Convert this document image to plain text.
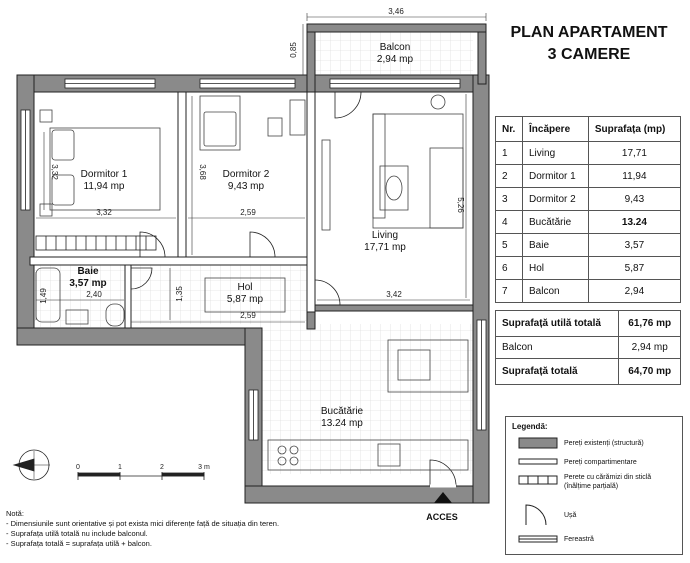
Balcon
2,94 mp
Dormitor 1
11,94 mp
Dormitor 2
9,43 mp
Living
17,71 mp
Baie
3,57 mp	Hol
5,87 mp
Bucătărie
13.24 mp
3,46
0,85
3,32
3,32
3,68
2,59	5,26
3,42
1,49	2,40	1,35
2,59
0	1	2	3 m
PLAN APARTAMENT
3 CAMERE
Nr.	Încăpere	Suprafața (mp)
1	Living	17,71
2	Dormitor 1	11,94
3	Dormitor 2	9,43
4	Bucătărie	13.24
5	Baie	3,57
6	Hol	5,87
7	Balcon	2,94
Suprafață utilă totală	61,76 mp
Balcon	2,94 mp
Suprafață totală	64,70 mp
Legendă:
Pereți existenți (structură)
Pereți compartimentare
Perete cu cărămizi din sticlă (înălțime parțială)
Ușă
Fereastră
Notă:
- Dimensiunile sunt orientative și pot exista mici diferențe față de situația din teren.
- Suprafața utilă totală nu include balconul.
- Suprafața totală = suprafața utilă + balcon.
ACCES
